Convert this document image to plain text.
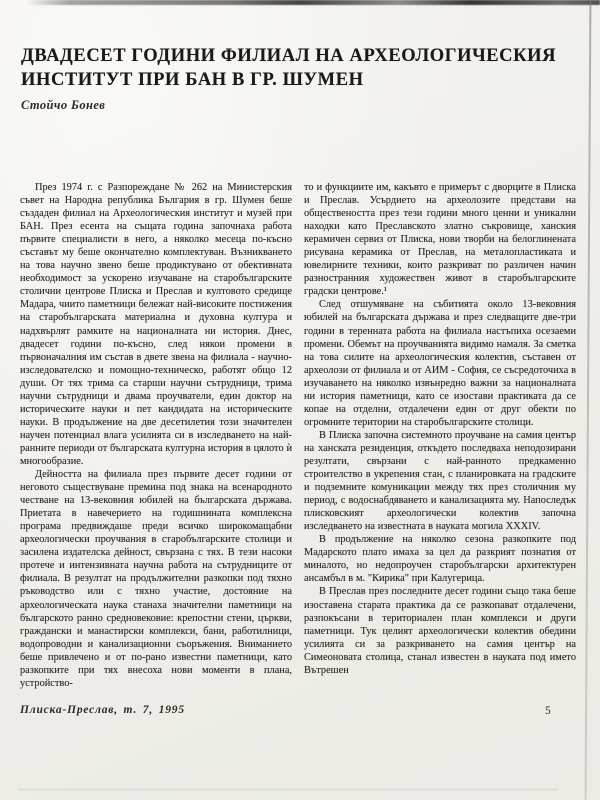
ДВАДЕСЕТ ГОДИНИ ФИЛИАЛ НА АРХЕОЛОГИЧЕСКИЯ
ИНСТИТУТ ПРИ БАН В ГР. ШУМЕН
Стойчо Бонев

През 1974 г. с Разпореждане № 262 на Министерския съвет на Народна република България в гр. Шумен беше създаден филиал на Археологическия институт и музей при БАН. През есента на същата година започнаха работа първите специалисти в него, а няколко месеца по-късно съставът му беше окончателно комплектуван. Възникването на това научно звено беше продиктувано от обективната необходимост за ускорено изучаване на старобългарските столични центрове Плиска и Преслав и култовото средище Мадара, чиито паметници бележат най-високите постижения на старобългарската материална и духовна култура и надхвърлят рамките на националната ни история. Днес, двадесет години по-късно, след някои промени в първоначалния им състав в двете звена на филиала - научно-изследователско и помощно-техническо, работят общо 12 души. От тях трима са старши научни сътрудници, трима научни сътрудници и двама проучватели, един доктор на историческите науки и пет кандидата на историческите науки. В продължение на две десетилетия този значителен научен потенциал влага усилията си в изследването на най-ранните периоди от българската културна история в цялото ѝ многообразие.

Дейността на филиала през първите десет години от неговото съществуване премина под знака на всенародното честване на 13-вековния юбилей на българската държава. Приетата в навечерието на годишнината комплексна програма предвиждаше преди всичко широкомащабни археологически проучвания в старобългарските столици и засилена издателска дейност, свързана с тях. В тези насоки протече и интензивната научна работа на сътрудниците от филиала. В резултат на продължителни разкопки под тяхно ръководство или с тяхно участие, достояние на археологическата наука станаха значителни паметници на българското ранно средновековие: крепостни стени, църкви, граждански и манастирски комплекси, бани, работилници, водопроводни и канализационни съоръжения. Вниманието беше привлечено и от по-рано известни паметници, като разкопките при тях внесоха нови моменти в плана, устройство-

то и функциите им, какъвто е примерът с дворците в Плиска и Преслав. Усърдието на археолозите представи на обществеността през тези години много ценни и уникални находки като Преславското златно съкровище, ханския керамичен сервиз от Плиска, нови творби на белоглинената рисувана керамика от Преслав, на металопластиката и ювелирните техники, които разкриват по различен начин разностранния художествен живот в старобългарските градски центрове.¹

След отшумяване на събитията около 13-вековния юбилей на българската държава и през следващите две-три години в теренната работа на филиала настъпиха осезаеми промени. Обемът на проучванията видимо намаля. За сметка на това силите на археологическия колектив, съставен от археолози от филиала и от АИМ - София, се съсредоточиха в изучаването на няколко извънредно важни за националната ни история паметници, като се изостави практиката да се копае на отделни, отдалечени един от друг обекти по огромните територии на старобългарските столици.

В Плиска започна системното проучване на самия център на ханската резиденция, откъдето последваха неподозирани резултати, свързани с най-ранното предкаменно строителство в укрепения стан, с планировката на градските и подземните комуникации между тях през столичния му период, с водоснабдяването и канализацията му. Напоследък плисковският археологически колектив започна изследването на известната в науката могила XXXIV.

В продължение на няколко сезона разкопките под Мадарското плато имаха за цел да разкрият познатия от миналото, но недопроучен старобългарски архитектурен ансамбъл в м. "Кирика" при Калугерица.

В Преслав през последните десет години също така беше изоставена старата практика да се разкопават отдалечени, разпокъсани в териториален план комплекси и други паметници. Тук целият археологически колектив обедини усилията си за разкриването на самия център на Симеоновата столица, станал известен в науката под името Вътрешен

Плиска-Преслав, т. 7, 1995	5
